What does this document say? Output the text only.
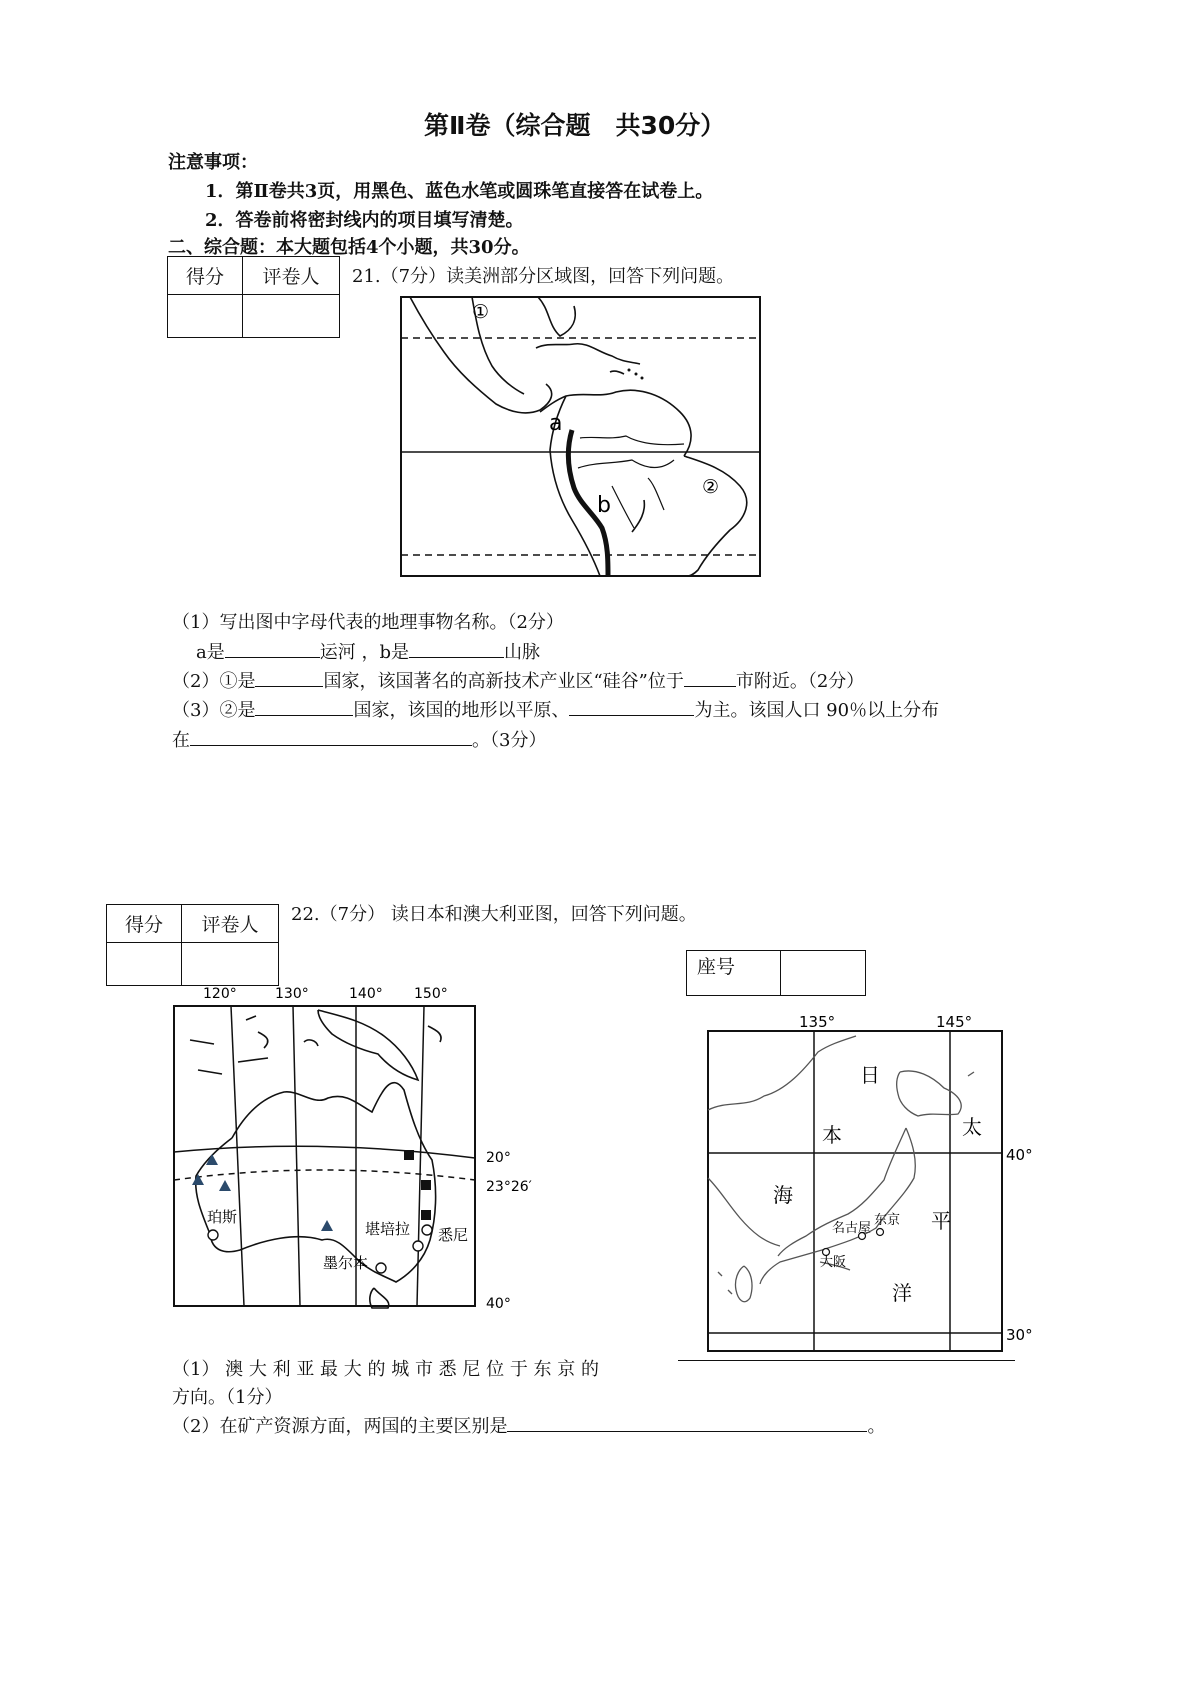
第Ⅱ卷（综合题　共30分）
注意事项：
1．第Ⅱ卷共3页，用黑色、蓝色水笔或圆珠笔直接答在试卷上。
2．答卷前将密封线内的项目填写清楚。
二、综合题：本大题包括4个小题，共30分。
得分	评卷人
	21.（7分）读美洲部分区域图，回答下列问题。
a
b
①
②
（1）写出图中字母代表的地理事物名称。（2分）
a是	运河 ，b是	山脉
（2）①是	国家，该国著名的高新技术产业区“硅谷”位于	市附近。（2分）
（3）②是	国家，该国的地形以平原、	为主。该国人口 90％以上分布
在	。（3分）
得分	评卷人
	22.（7分） 读日本和澳大利亚图，回答下列问题。
座号	
120°	130°	140° 150°
20°
23°26′
40°
珀斯
堪培拉 悉尼
墨尔本
135°	145°
40°
30°
日
本
海
太
平
洋
名古屋
东京
大阪
（1） 澳 大 利 亚 最 大 的 城 市 悉 尼 位 于 东 京 的
方向。（1分）
（2）在矿产资源方面，两国的主要区别是	。
